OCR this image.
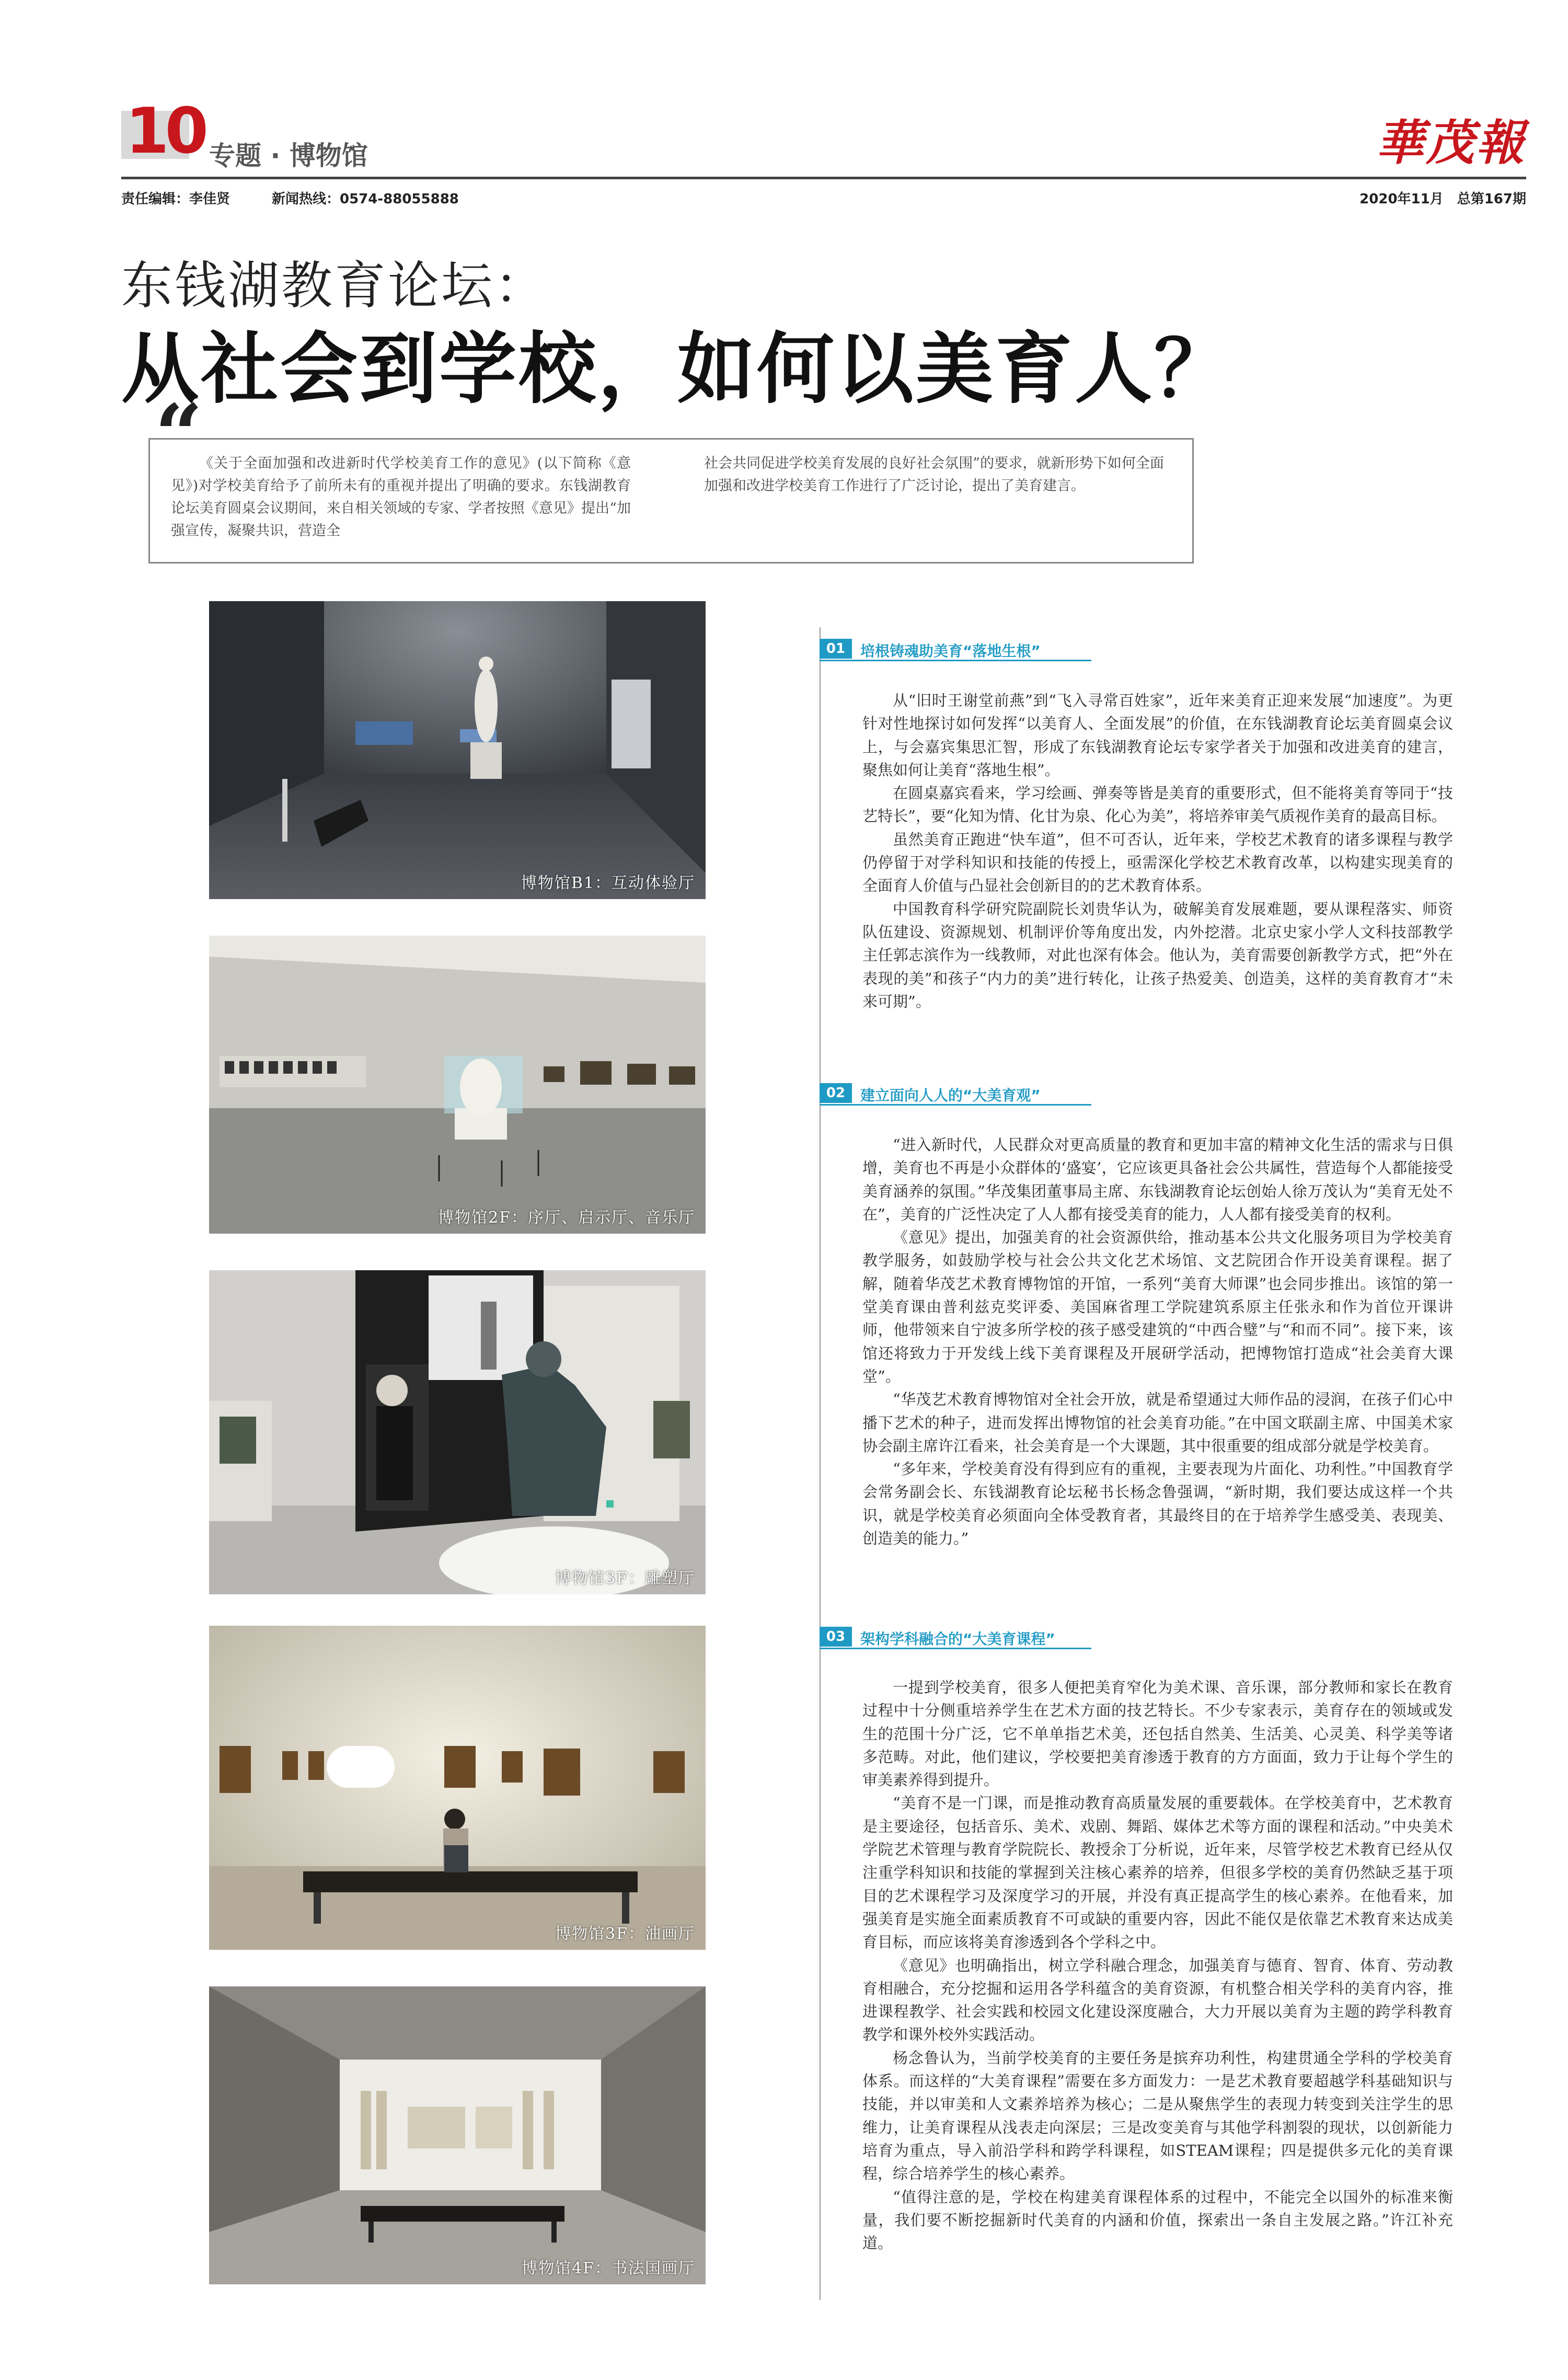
10 专题 · 博物馆	華茂報
责任编辑：李佳贤	新闻热线：0574-88055888	2020年11月　总第167期
东钱湖教育论坛：
从社会到学校，如何以美育人？
“

《关于全面加强和改进新时代学校美育工作的意见》(以下简称《意见》)对学校美育给予了前所未有的重视并提出了明确的要求。东钱湖教育论坛美育圆桌会议期间，来自相关领域的专家、学者按照《意见》提出“加强宣传，凝聚共识，营造全

社会共同促进学校美育发展的良好社会氛围”的要求，就新形势下如何全面加强和改进学校美育工作进行了广泛讨论，提出了美育建言。

博物馆B1：互动体验厅
博物馆2F：序厅、启示厅、音乐厅
博物馆3F：雕塑厅
博物馆3F：油画厅
博物馆4F：书法国画厅
01	培根铸魂助美育“落地生根”

从“旧时王谢堂前燕”到“飞入寻常百姓家”，近年来美育正迎来发展“加速度”。为更针对性地探讨如何发挥“以美育人、全面发展”的价值，在东钱湖教育论坛美育圆桌会议上，与会嘉宾集思汇智，形成了东钱湖教育论坛专家学者关于加强和改进美育的建言，聚焦如何让美育“落地生根”。

在圆桌嘉宾看来，学习绘画、弹奏等皆是美育的重要形式，但不能将美育等同于“技艺特长”，要“化知为情、化甘为泉、化心为美”，将培养审美气质视作美育的最高目标。

虽然美育正跑进“快车道”，但不可否认，近年来，学校艺术教育的诸多课程与教学仍停留于对学科知识和技能的传授上，亟需深化学校艺术教育改革，以构建实现美育的全面育人价值与凸显社会创新目的的艺术教育体系。

中国教育科学研究院副院长刘贵华认为，破解美育发展难题，要从课程落实、师资队伍建设、资源规划、机制评价等角度出发，内外挖潜。北京史家小学人文科技部教学主任郭志滨作为一线教师，对此也深有体会。他认为，美育需要创新教学方式，把“外在表现的美”和孩子“内力的美”进行转化，让孩子热爱美、创造美，这样的美育教育才“未来可期”。

02	建立面向人人的“大美育观”

“进入新时代，人民群众对更高质量的教育和更加丰富的精神文化生活的需求与日俱增，美育也不再是小众群体的‘盛宴’，它应该更具备社会公共属性，营造每个人都能接受美育涵养的氛围。”华茂集团董事局主席、东钱湖教育论坛创始人徐万茂认为“美育无处不在”，美育的广泛性决定了人人都有接受美育的能力，人人都有接受美育的权利。

《意见》提出，加强美育的社会资源供给，推动基本公共文化服务项目为学校美育教学服务，如鼓励学校与社会公共文化艺术场馆、文艺院团合作开设美育课程。据了解，随着华茂艺术教育博物馆的开馆，一系列“美育大师课”也会同步推出。该馆的第一堂美育课由普利兹克奖评委、美国麻省理工学院建筑系原主任张永和作为首位开课讲师，他带领来自宁波多所学校的孩子感受建筑的“中西合璧”与“和而不同”。接下来，该馆还将致力于开发线上线下美育课程及开展研学活动，把博物馆打造成“社会美育大课堂”。

“华茂艺术教育博物馆对全社会开放，就是希望通过大师作品的浸润，在孩子们心中播下艺术的种子，进而发挥出博物馆的社会美育功能。”在中国文联副主席、中国美术家协会副主席许江看来，社会美育是一个大课题，其中很重要的组成部分就是学校美育。

“多年来，学校美育没有得到应有的重视，主要表现为片面化、功利性。”中国教育学会常务副会长、东钱湖教育论坛秘书长杨念鲁强调，“新时期，我们要达成这样一个共识，就是学校美育必须面向全体受教育者，其最终目的在于培养学生感受美、表现美、创造美的能力。”

03	架构学科融合的“大美育课程”

一提到学校美育，很多人便把美育窄化为美术课、音乐课，部分教师和家长在教育过程中十分侧重培养学生在艺术方面的技艺特长。不少专家表示，美育存在的领域或发生的范围十分广泛，它不单单指艺术美，还包括自然美、生活美、心灵美、科学美等诸多范畴。对此，他们建议，学校要把美育渗透于教育的方方面面，致力于让每个学生的审美素养得到提升。

“美育不是一门课，而是推动教育高质量发展的重要载体。在学校美育中，艺术教育是主要途径，包括音乐、美术、戏剧、舞蹈、媒体艺术等方面的课程和活动。”中央美术学院艺术管理与教育学院院长、教授余丁分析说，近年来，尽管学校艺术教育已经从仅注重学科知识和技能的掌握到关注核心素养的培养，但很多学校的美育仍然缺乏基于项目的艺术课程学习及深度学习的开展，并没有真正提高学生的核心素养。在他看来，加强美育是实施全面素质教育不可或缺的重要内容，因此不能仅是依靠艺术教育来达成美育目标，而应该将美育渗透到各个学科之中。

《意见》也明确指出，树立学科融合理念，加强美育与德育、智育、体育、劳动教育相融合，充分挖掘和运用各学科蕴含的美育资源，有机整合相关学科的美育内容，推进课程教学、社会实践和校园文化建设深度融合，大力开展以美育为主题的跨学科教育教学和课外校外实践活动。

杨念鲁认为，当前学校美育的主要任务是摈弃功利性，构建贯通全学科的学校美育体系。而这样的“大美育课程”需要在多方面发力：一是艺术教育要超越学科基础知识与技能，并以审美和人文素养培养为核心；二是从聚焦学生的表现力转变到关注学生的思维力，让美育课程从浅表走向深层；三是改变美育与其他学科割裂的现状，以创新能力培育为重点，导入前沿学科和跨学科课程，如STEAM课程；四是提供多元化的美育课程，综合培养学生的核心素养。

“值得注意的是，学校在构建美育课程体系的过程中，不能完全以国外的标准来衡量，我们要不断挖掘新时代美育的内涵和价值，探索出一条自主发展之路。”许江补充道。
